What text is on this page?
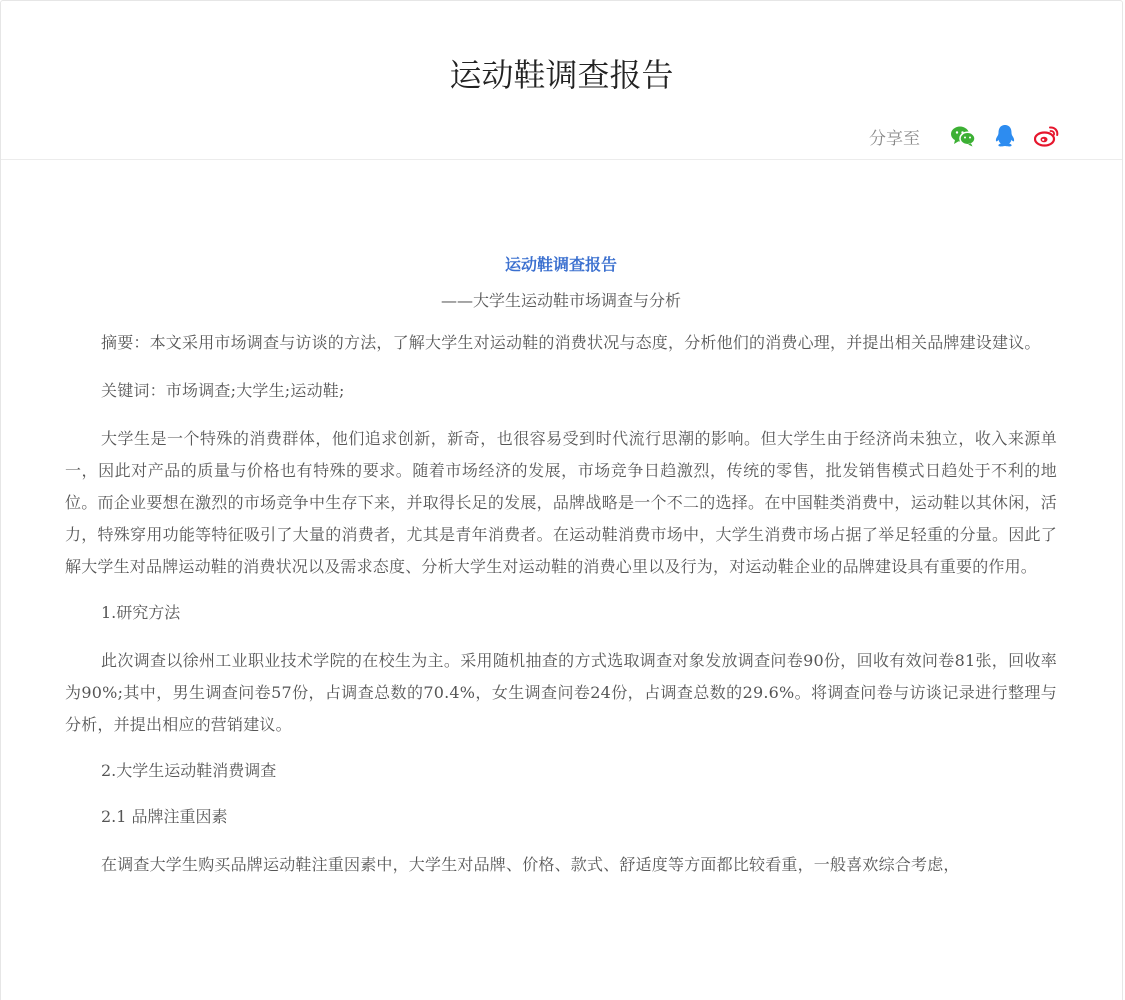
运动鞋调查报告
分享至

运动鞋调查报告

——大学生运动鞋市场调查与分析

摘要：本文采用市场调查与访谈的方法，了解大学生对运动鞋的消费状况与态度，分析他们的消费心理，并提出相关品牌建设建议。

关键词：市场调查;大学生;运动鞋;

大学生是一个特殊的消费群体，他们追求创新，新奇，也很容易受到时代流行思潮的影响。但大学生由于经济尚未独立，收入来源单一，因此对产品的质量与价格也有特殊的要求。随着市场经济的发展，市场竞争日趋激烈，传统的零售，批发销售模式日趋处于不利的地位。而企业要想在激烈的市场竞争中生存下来，并取得长足的发展，品牌战略是一个不二的选择。在中国鞋类消费中，运动鞋以其休闲，活力，特殊穿用功能等特征吸引了大量的消费者，尤其是青年消费者。在运动鞋消费市场中，大学生消费市场占据了举足轻重的分量。因此了解大学生对品牌运动鞋的消费状况以及需求态度、分析大学生对运动鞋的消费心里以及行为，对运动鞋企业的品牌建设具有重要的作用。

1.研究方法

此次调查以徐州工业职业技术学院的在校生为主。采用随机抽查的方式选取调查对象发放调查问卷90份，回收有效问卷81张，回收率为90%;其中，男生调查问卷57份，占调查总数的70.4%，女生调查问卷24份，占调查总数的29.6%。将调查问卷与访谈记录进行整理与分析，并提出相应的营销建议。

2.大学生运动鞋消费调查

2.1 品牌注重因素

在调查大学生购买品牌运动鞋注重因素中，大学生对品牌、价格、款式、舒适度等方面都比较看重，一般喜欢综合考虑，
